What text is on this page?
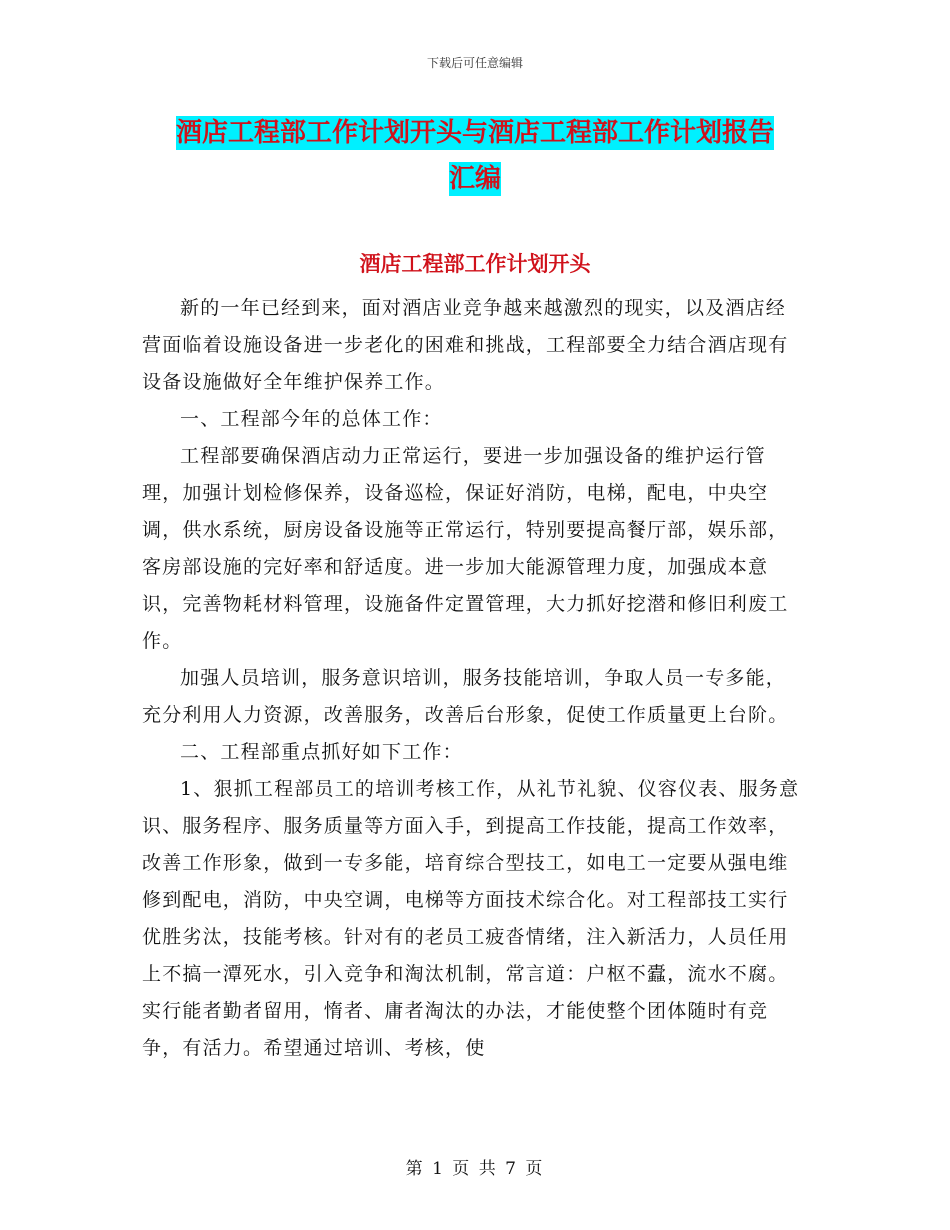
下载后可任意编辑
酒店工程部工作计划开头与酒店工程部工作计划报告
汇编
酒店工程部工作计划开头

新的一年已经到来，面对酒店业竞争越来越激烈的现实，以及酒店经营面临着设施设备进一步老化的困难和挑战，工程部要全力结合酒店现有设备设施做好全年维护保养工作。

一、工程部今年的总体工作：

工程部要确保酒店动力正常运行，要进一步加强设备的维护运行管理，加强计划检修保养，设备巡检，保证好消防，电梯，配电，中央空调，供水系统，厨房设备设施等正常运行，特别要提高餐厅部，娱乐部，客房部设施的完好率和舒适度。进一步加大能源管理力度，加强成本意识，完善物耗材料管理，设施备件定置管理，大力抓好挖潜和修旧利废工作。

加强人员培训，服务意识培训，服务技能培训，争取人员一专多能，充分利用人力资源，改善服务，改善后台形象，促使工作质量更上台阶。

二、工程部重点抓好如下工作：

1、狠抓工程部员工的培训考核工作，从礼节礼貌、仪容仪表、服务意识、服务程序、服务质量等方面入手，到提高工作技能，提高工作效率，改善工作形象，做到一专多能，培育综合型技工，如电工一定要从强电维修到配电，消防，中央空调，电梯等方面技术综合化。对工程部技工实行优胜劣汰，技能考核。针对有的老员工疲沓情绪，注入新活力，人员任用上不搞一潭死水，引入竞争和淘汰机制，常言道：户枢不蠹，流水不腐。实行能者勤者留用，惰者、庸者淘汰的办法，才能使整个团体随时有竞争，有活力。希望通过培训、考核，使

第 1 页 共 7 页
